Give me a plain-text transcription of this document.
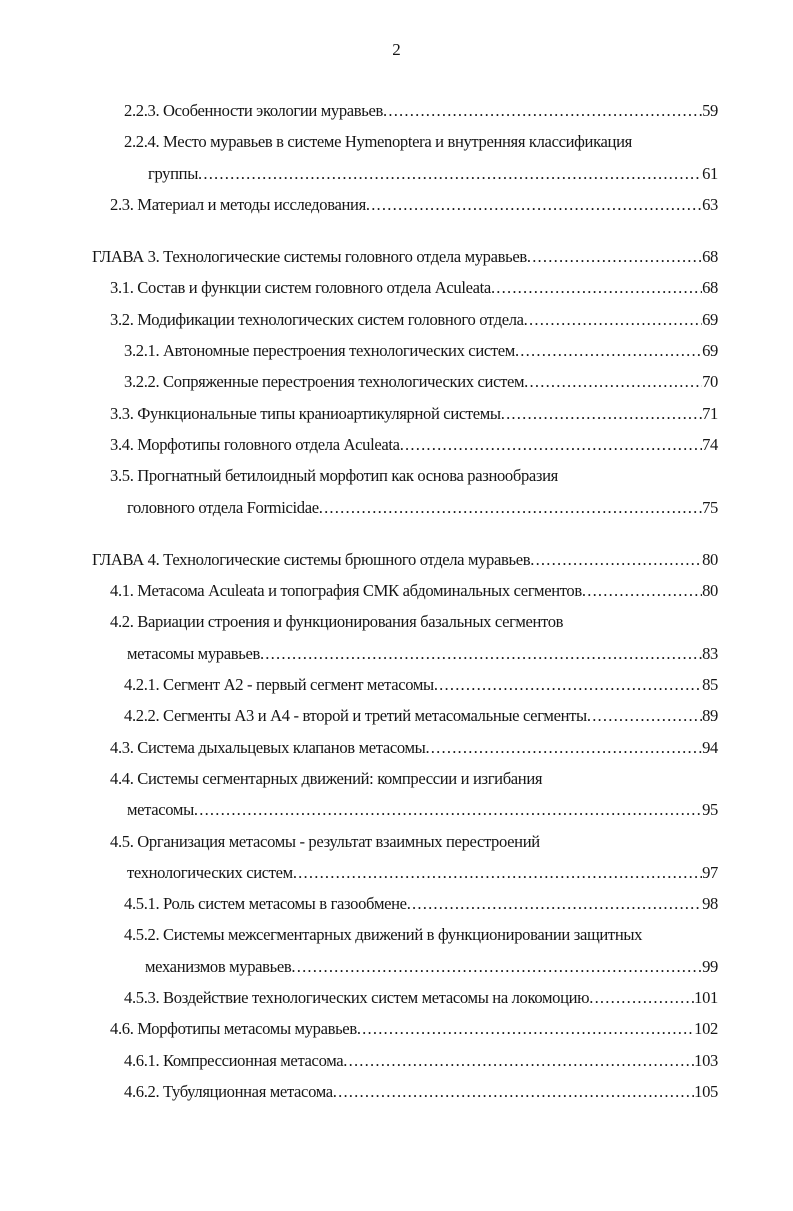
2
2.2.3. Особенности экологии муравьев .....	59
2.2.4. Место муравьев в системе Hymenoptera и внутренняя классификация
группы .....	61
2.3. Материал и методы исследования .....	63
ГЛАВА 3. Технологические системы головного отдела муравьев .....	68
3.1. Состав и функции систем головного отдела Aculeata .....	68
3.2. Модификации технологических систем головного отдела .....	69
3.2.1. Автономные перестроения технологических систем .....	69
3.2.2. Сопряженные перестроения технологических систем .....	70
3.3. Функциональные типы краниоартикулярной системы .....	71
3.4. Морфотипы головного отдела Aculeata .....	74
3.5. Прогнатный бетилоидный морфотип как основа разнообразия
головного отдела Formicidae .....	75
ГЛАВА 4. Технологические системы брюшного отдела муравьев .....	80
4.1. Метасома Aculeata и топография СМК абдоминальных сегментов .....	80
4.2. Вариации строения и функционирования базальных сегментов
метасомы муравьев .....	83
4.2.1. Сегмент А2 - первый сегмент метасомы .....	85
4.2.2. Сегменты А3 и А4 - второй и третий метасомальные сегменты .....	89
4.3. Система дыхальцевых клапанов метасомы .....	94
4.4. Системы сегментарных движений: компрессии и изгибания
метасомы .....	95
4.5. Организация метасомы - результат взаимных перестроений
технологических систем .....	97
4.5.1. Роль систем метасомы в газообмене .....	98
4.5.2. Системы межсегментарных движений в функционировании защитных
механизмов муравьев .....	99
4.5.3. Воздействие технологических систем метасомы на локомоцию .....	101
4.6. Морфотипы метасомы муравьев .....	102
4.6.1. Компрессионная метасома .....	103
4.6.2. Тубуляционная метасома .....	105
